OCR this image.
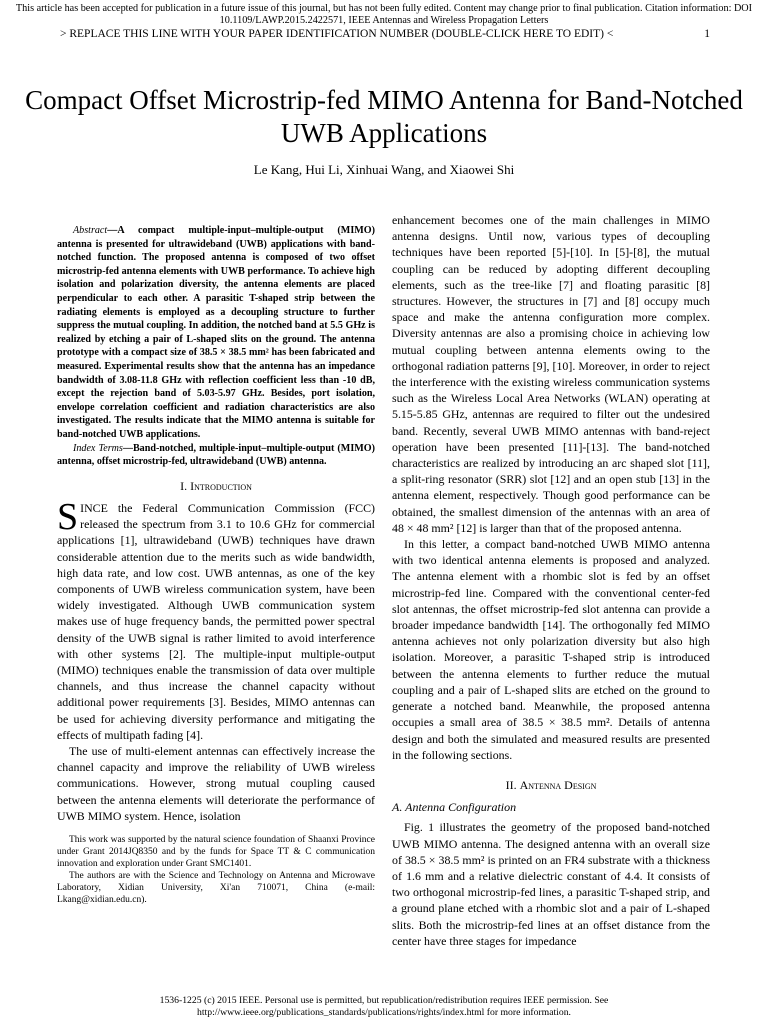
This article has been accepted for publication in a future issue of this journal, but has not been fully edited. Content may change prior to final publication. Citation information: DOI 10.1109/LAWP.2015.2422571, IEEE Antennas and Wireless Propagation Letters
> REPLACE THIS LINE WITH YOUR PAPER IDENTIFICATION NUMBER (DOUBLE-CLICK HERE TO EDIT) <	1
Compact Offset Microstrip-fed MIMO Antenna for Band-Notched UWB Applications
Le Kang, Hui Li, Xinhuai Wang, and Xiaowei Shi

Abstract—A compact multiple-input–multiple-output (MIMO) antenna is presented for ultrawideband (UWB) applications with band-notched function. The proposed antenna is composed of two offset microstrip-fed antenna elements with UWB performance. To achieve high isolation and polarization diversity, the antenna elements are placed perpendicular to each other. A parasitic T-shaped strip between the radiating elements is employed as a decoupling structure to further suppress the mutual coupling. In addition, the notched band at 5.5 GHz is realized by etching a pair of L-shaped slits on the ground. The antenna prototype with a compact size of 38.5 × 38.5 mm² has been fabricated and measured. Experimental results show that the antenna has an impedance bandwidth of 3.08-11.8 GHz with reflection coefficient less than -10 dB, except the rejection band of 5.03-5.97 GHz. Besides, port isolation, envelope correlation coefficient and radiation characteristics are also investigated. The results indicate that the MIMO antenna is suitable for band-notched UWB applications.

Index Terms—Band-notched, multiple-input–multiple-output (MIMO) antenna, offset microstrip-fed, ultrawideband (UWB) antenna.

I. Introduction

SINCE the Federal Communication Commission (FCC) released the spectrum from 3.1 to 10.6 GHz for commercial applications [1], ultrawideband (UWB) techniques have drawn considerable attention due to the merits such as wide bandwidth, high data rate, and low cost. UWB antennas, as one of the key components of UWB wireless communication system, have been widely investigated. Although UWB communication system makes use of huge frequency bands, the permitted power spectral density of the UWB signal is rather limited to avoid interference with other systems [2]. The multiple-input multiple-output (MIMO) techniques enable the transmission of data over multiple channels, and thus increase the channel capacity without additional power requirements [3]. Besides, MIMO antennas can be used for achieving diversity performance and mitigating the effects of multipath fading [4].

The use of multi-element antennas can effectively increase the channel capacity and improve the reliability of UWB wireless communications. However, strong mutual coupling caused between the antenna elements will deteriorate the performance of UWB MIMO system. Hence, isolation

This work was supported by the natural science foundation of Shaanxi Province under Grant 2014JQ8350 and by the funds for Space TT & C communication innovation and exploration under Grant SMC1401.

The authors are with the Science and Technology on Antenna and Microwave Laboratory, Xidian University, Xi'an 710071, China (e-mail: Lkang@xidian.edu.cn).

enhancement becomes one of the main challenges in MIMO antenna designs. Until now, various types of decoupling techniques have been reported [5]-[10]. In [5]-[8], the mutual coupling can be reduced by adopting different decoupling elements, such as the tree-like [7] and floating parasitic [8] structures. However, the structures in [7] and [8] occupy much space and make the antenna configuration more complex. Diversity antennas are also a promising choice in achieving low mutual coupling between antenna elements owing to the orthogonal radiation patterns [9], [10]. Moreover, in order to reject the interference with the existing wireless communication systems such as the Wireless Local Area Networks (WLAN) operating at 5.15-5.85 GHz, antennas are required to filter out the undesired band. Recently, several UWB MIMO antennas with band-reject operation have been presented [11]-[13]. The band-notched characteristics are realized by introducing an arc shaped slot [11], a split-ring resonator (SRR) slot [12] and an open stub [13] in the antenna element, respectively. Though good performance can be obtained, the smallest dimension of the antennas with an area of 48 × 48 mm² [12] is larger than that of the proposed antenna.

In this letter, a compact band-notched UWB MIMO antenna with two identical antenna elements is proposed and analyzed. The antenna element with a rhombic slot is fed by an offset microstrip-fed line. Compared with the conventional center-fed slot antennas, the offset microstrip-fed slot antenna can provide a broader impedance bandwidth [14]. The orthogonally fed MIMO antenna achieves not only polarization diversity but also high isolation. Moreover, a parasitic T-shaped strip is introduced between the antenna elements to further reduce the mutual coupling and a pair of L-shaped slits are etched on the ground to generate a notched band. Meanwhile, the proposed antenna occupies a small area of 38.5 × 38.5 mm². Details of antenna design and both the simulated and measured results are presented in the following sections.

II. Antenna Design
A. Antenna Configuration

Fig. 1 illustrates the geometry of the proposed band-notched UWB MIMO antenna. The designed antenna with an overall size of 38.5 × 38.5 mm² is printed on an FR4 substrate with a thickness of 1.6 mm and a relative dielectric constant of 4.4. It consists of two orthogonal microstrip-fed lines, a parasitic T-shaped strip, and a ground plane etched with a rhombic slot and a pair of L-shaped slits. Both the microstrip-fed lines at an offset distance from the center have three stages for impedance

1536-1225 (c) 2015 IEEE. Personal use is permitted, but republication/redistribution requires IEEE permission. See http://www.ieee.org/publications_standards/publications/rights/index.html for more information.
